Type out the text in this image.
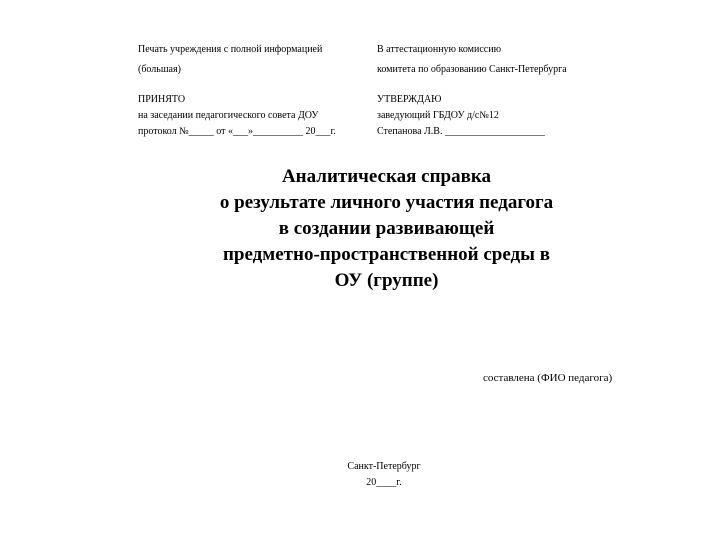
Печать учреждения с полной информацией
(большая)
В аттестационную комиссию
комитета по образованию Санкт-Петербурга
ПРИНЯТО
на заседании педагогического совета ДОУ
протокол №_____ от «___»__________ 20___г.
УТВЕРЖДАЮ
заведующий ГБДОУ д/с№12
Степанова Л.В. ____________________
Аналитическая справка
о результате личного участия педагога
в создании развивающей
предметно-пространственной среды в
ОУ (группе)
составлена (ФИО педагога)
Санкт-Петербург
20____г.
